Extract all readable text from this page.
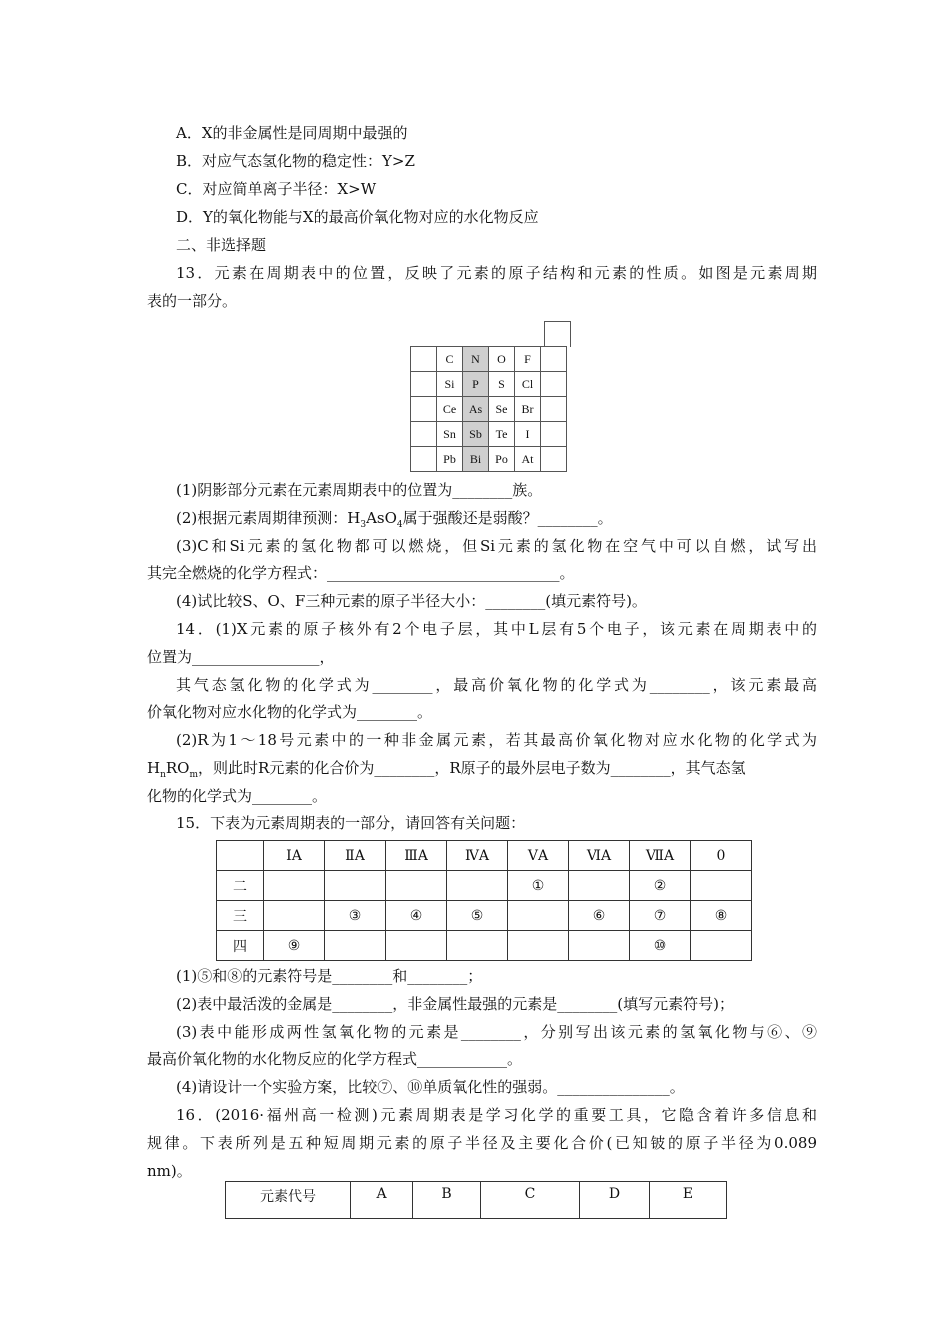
A．X的非金属性是同周期中最强的
B．对应气态氢化物的稳定性：Y>Z
C．对应简单离子半径：X>W
D．Y的氧化物能与X的最高价氧化物对应的水化物反应
二、非选择题
13．元素在周期表中的位置，反映了元素的原子结构和元素的性质。如图是元素周期
表的一部分。
	C	N	O	F	
	Si	P	S	Cl	
	Ce	As	Se	Br	
	Sn	Sb	Te	I	
	Pb	Bi	Po	At	
(1)阴影部分元素在元素周期表中的位置为________族。
(2)根据元素周期律预测：$H_3AsO_4$属于强酸还是弱酸？________。
(3)C和Si元素的氢化物都可以燃烧，但Si元素的氢化物在空气中可以自燃，试写出
其完全燃烧的化学方程式：_______________________________。
(4)试比较S、O、F三种元素的原子半径大小：________(填元素符号)。
14．(1)X元素的原子核外有2个电子层，其中L层有5个电子，该元素在周期表中的
位置为_________________，
其气态氢化物的化学式为________，最高价氧化物的化学式为________，该元素最高
价氧化物对应水化物的化学式为________。
(2)R为1～18号元素中的一种非金属元素，若其最高价氧化物对应水化物的化学式为
$H_nRO_m$，则此时R元素的化合价为________，R原子的最外层电子数为________，其气态氢
化物的化学式为________。
15．下表为元素周期表的一部分，请回答有关问题：
	ⅠA	ⅡA	ⅢA	ⅣA	ⅤA	ⅥA	ⅦA	0
二					①		②	
三		③	④	⑤		⑥	⑦	⑧
四	⑨						⑩	
(1)⑤和⑧的元素符号是________和________；
(2)表中最活泼的金属是________，非金属性最强的元素是________(填写元素符号)；
(3)表中能形成两性氢氧化物的元素是________，分别写出该元素的氢氧化物与⑥、⑨
最高价氧化物的水化物反应的化学方程式____________。
(4)请设计一个实验方案，比较⑦、⑩单质氧化性的强弱。_______________。
16．(2016·福州高一检测)元素周期表是学习化学的重要工具，它隐含着许多信息和
规律。下表所列是五种短周期元素的原子半径及主要化合价(已知铍的原子半径为0.089
nm)。
元素代号	A	B	C	D	E
